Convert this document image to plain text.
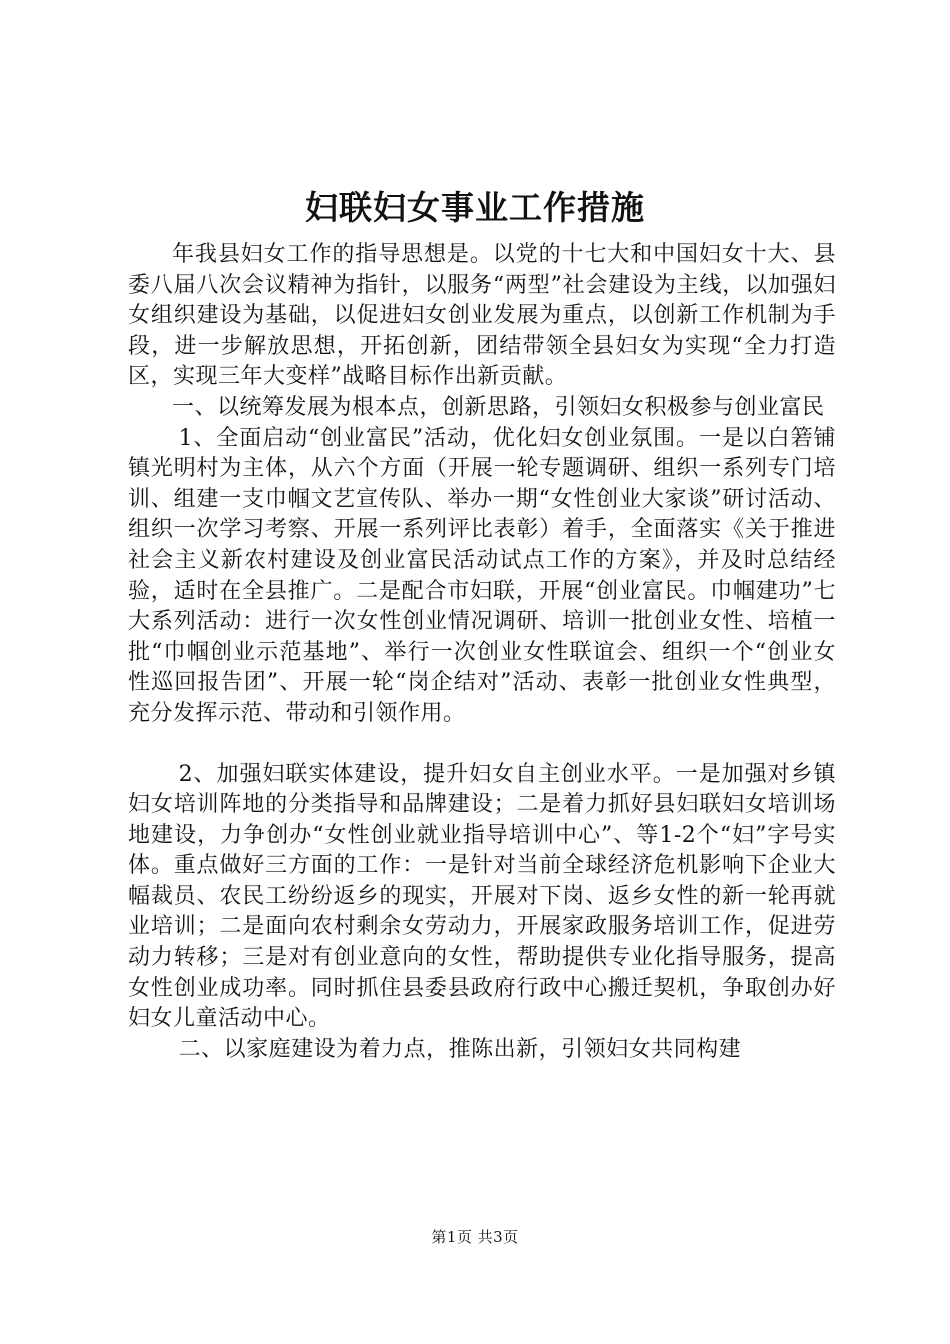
妇联妇女事业工作措施

年我县妇女工作的指导思想是。以党的十七大和中国妇女十大、县委八届八次会议精神为指针，以服务“两型”社会建设为主线，以加强妇女组织建设为基础，以促进妇女创业发展为重点，以创新工作机制为手段，进一步解放思想，开拓创新，团结带领全县妇女为实现“全力打造区，实现三年大变样”战略目标作出新贡献。

一、以统筹发展为根本点，创新思路，引领妇女积极参与创业富民

1、全面启动“创业富民”活动，优化妇女创业氛围。一是以白箬铺镇光明村为主体，从六个方面（开展一轮专题调研、组织一系列专门培训、组建一支巾帼文艺宣传队、举办一期“女性创业大家谈”研讨活动、组织一次学习考察、开展一系列评比表彰）着手，全面落实《关于推进社会主义新农村建设及创业富民活动试点工作的方案》，并及时总结经验，适时在全县推广。二是配合市妇联，开展“创业富民。巾帼建功”七大系列活动：进行一次女性创业情况调研、培训一批创业女性、培植一批“巾帼创业示范基地”、举行一次创业女性联谊会、组织一个“创业女性巡回报告团”、开展一轮“岗企结对”活动、表彰一批创业女性典型，充分发挥示范、带动和引领作用。

2、加强妇联实体建设，提升妇女自主创业水平。一是加强对乡镇妇女培训阵地的分类指导和品牌建设；二是着力抓好县妇联妇女培训场地建设，力争创办“女性创业就业指导培训中心”、等1-2个“妇”字号实体。重点做好三方面的工作：一是针对当前全球经济危机影响下企业大幅裁员、农民工纷纷返乡的现实，开展对下岗、返乡女性的新一轮再就业培训；二是面向农村剩余女劳动力，开展家政服务培训工作，促进劳动力转移；三是对有创业意向的女性，帮助提供专业化指导服务，提高女性创业成功率。同时抓住县委县政府行政中心搬迁契机，争取创办好妇女儿童活动中心。

二、以家庭建设为着力点，推陈出新，引领妇女共同构建

第1页 共3页
